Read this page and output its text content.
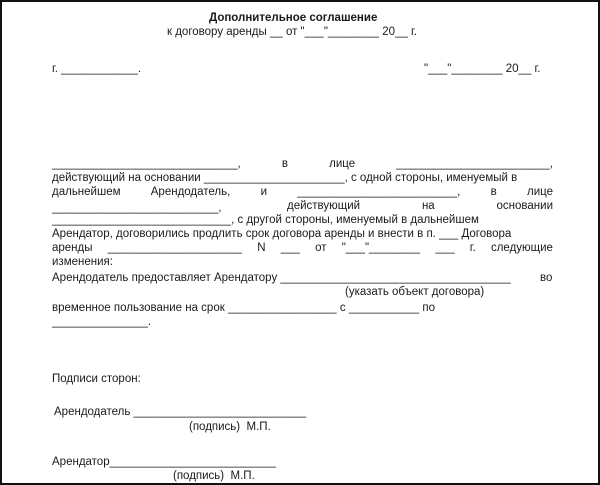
Дополнительное соглашение
к договору аренды __ от "___"________ 20__ г.
г. ____________.	"___"________ 20__ г.
_____________________________,	в	лице	________________________,
действующий на основании ______________________, с одной стороны, именуемый в
дальнейшем	Арендодатель,	и	_________________________,	в	лице
__________________________,	действующий	на	основании
____________________________, с другой стороны, именуемый в дальнейшем
Арендатор, договорились продлить срок договора аренды и внести в п. ___ Договора
аренды _____________________ N ___ от "___"________ ___ г. следующие
изменения:
Арендодатель предоставляет Арендатору ____________________________________	во
(указать объект договора)
временное пользование на срок _________________ с ___________ по
_______________.
Подписи сторон:
Арендодатель ___________________________
(подпись)  М.П.
Арендатор__________________________
(подпись)  М.П.
